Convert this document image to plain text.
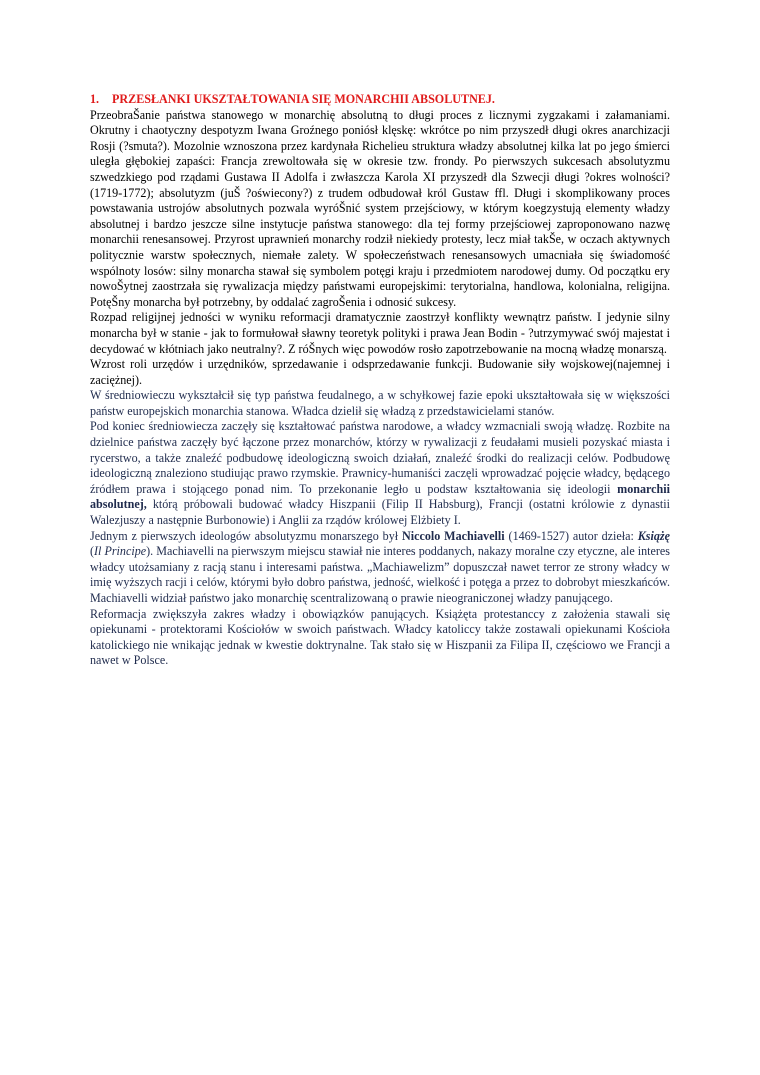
1. PRZESŁANKI UKSZTAŁTOWANIA SIĘ MONARCHII ABSOLUTNEJ.

PrzeobraŠanie państwa stanowego w monarchię absolutną to długi proces z licznymi zygzakami i załamaniami. Okrutny i chaotyczny despotyzm Iwana Groźnego poniósł klęskę: wkrótce po nim przyszedł długi okres anarchizacji Rosji (?smuta?). Mozolnie wznoszona przez kardynała Richelieu struktura władzy absolutnej kilka lat po jego śmierci uległa głębokiej zapaści: Francja zrewoltowała się w okresie tzw. frondy. Po pierwszych sukcesach absolutyzmu szwedzkiego pod rządami Gustawa II Adolfa i zwłaszcza Karola XI przyszedł dla Szwecji długi ?okres wolności? (1719-1772); absolutyzm (juŠ ?oświecony?) z trudem odbudował król Gustaw ffl. Długi i skomplikowany proces powstawania ustrojów absolutnych pozwala wyróŠnić system przejściowy, w którym koegzystują elementy władzy absolutnej i bardzo jeszcze silne instytucje państwa stanowego: dla tej formy przejściowej zaproponowano nazwę monarchii renesansowej. Przyrost uprawnień monarchy rodził niekiedy protesty, lecz miał takŠe, w oczach aktywnych politycznie warstw społecznych, niemałe zalety. W społeczeństwach renesansowych umacniała się świadomość wspólnoty losów: silny monarcha stawał się symbolem potęgi kraju i przedmiotem narodowej dumy. Od początku ery nowoŠytnej zaostrzała się rywalizacja między państwami europejskimi: terytorialna, handlowa, kolonialna, religijna. PotęŠny monarcha był potrzebny, by oddalać zagroŠenia i odnosić sukcesy.

Rozpad religijnej jedności w wyniku reformacji dramatycznie zaostrzył konflikty wewnątrz państw. I jedynie silny monarcha był w stanie - jak to formułował sławny teoretyk polityki i prawa Jean Bodin - ?utrzymywać swój majestat i decydować w kłótniach jako neutralny?. Z róŠnych więc powodów rosło zapotrzebowanie na mocną władzę monarszą.

Wzrost roli urzędów i urzędników, sprzedawanie i odsprzedawanie funkcji. Budowanie siły wojskowej(najemnej i zaciężnej).

W średniowieczu wykształcił się typ państwa feudalnego, a w schyłkowej fazie epoki ukształtowała się w większości państw europejskich monarchia stanowa. Władca dzielił się władzą z przedstawicielami stanów.

Pod koniec średniowiecza zaczęły się kształtować państwa narodowe, a władcy wzmacniali swoją władzę. Rozbite na dzielnice państwa zaczęły być łączone przez monarchów, którzy w rywalizacji z feudałami musieli pozyskać miasta i rycerstwo, a także znaleźć podbudowę ideologiczną swoich działań, znaleźć środki do realizacji celów. Podbudowę ideologiczną znaleziono studiując prawo rzymskie. Prawnicy-humaniści zaczęli wprowadzać pojęcie władcy, będącego źródłem prawa i stojącego ponad nim. To przekonanie legło u podstaw kształtowania się ideologii monarchii absolutnej, którą próbowali budować władcy Hiszpanii (Filip II Habsburg), Francji (ostatni królowie z dynastii Walezjuszy a następnie Burbonowie) i Anglii za rządów królowej Elżbiety I.

Jednym z pierwszych ideologów absolutyzmu monarszego był Niccolo Machiavelli (1469-1527) autor dzieła: Książę (Il Principe). Machiavelli na pierwszym miejscu stawiał nie interes poddanych, nakazy moralne czy etyczne, ale interes władcy utożsamiany z racją stanu i interesami państwa. „Machiawelizm” dopuszczał nawet terror ze strony władcy w imię wyższych racji i celów, którymi było dobro państwa, jedność, wielkość i potęga a przez to dobrobyt mieszkańców. Machiavelli widział państwo jako monarchię scentralizowaną o prawie nieograniczonej władzy panującego.

Reformacja zwiększyła zakres władzy i obowiązków panujących. Książęta protestanccy z założenia stawali się opiekunami - protektorami Kościołów w swoich państwach. Władcy katoliccy także zostawali opiekunami Kościoła katolickiego nie wnikając jednak w kwestie doktrynalne. Tak stało się w Hiszpanii za Filipa II, częściowo we Francji a nawet w Polsce.
